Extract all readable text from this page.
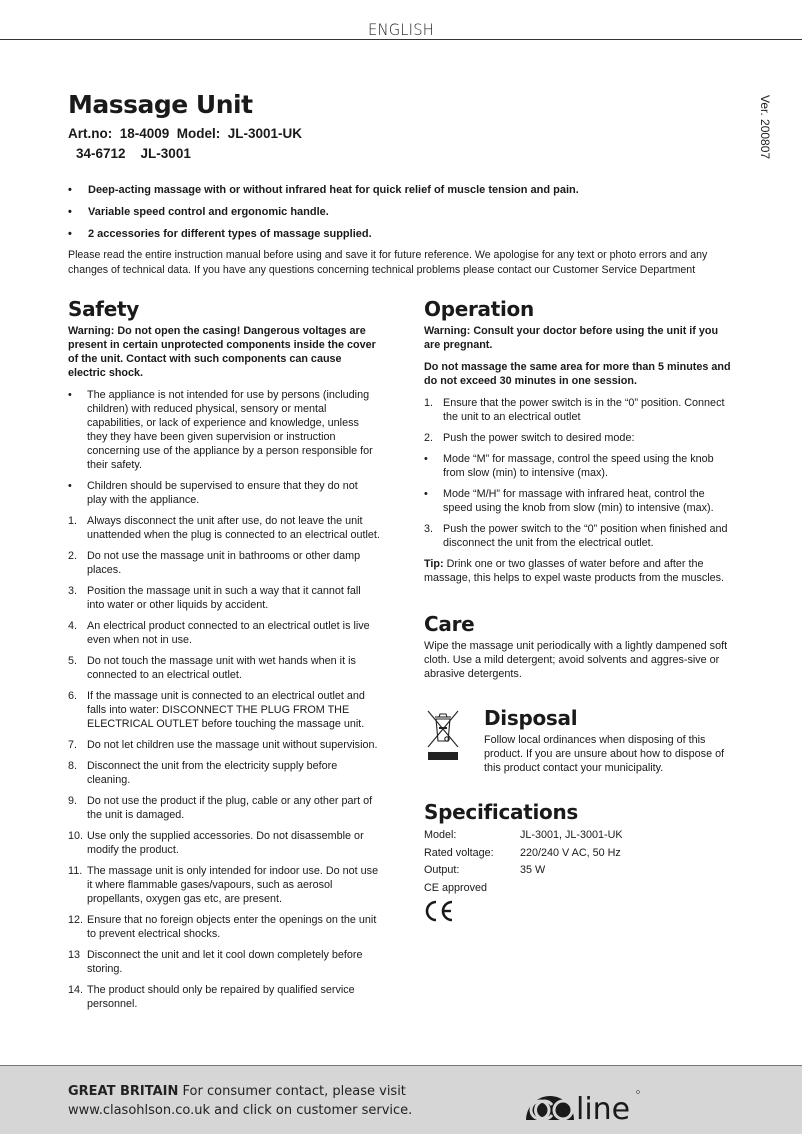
ENGLISH
Ver. 200807
Massage Unit
Art.no:  18-4009  Model:  JL-3001-UK
34-6712    JL-3001
• Deep-acting massage with or without infrared heat for quick relief of muscle tension and pain.
• Variable speed control and ergonomic handle.
• 2 accessories for different types of massage supplied.

Please read the entire instruction manual before using and save it for future reference. We apologise for any text or photo errors and any changes of technical data. If you have any questions concerning technical problems please contact our Customer Service Department

Safety

Warning: Do not open the casing! Dangerous voltages are present in certain unprotected components inside the cover of the unit. Contact with such components can cause electric shock.

• The appliance is not intended for use by persons (including children) with reduced physical, sensory or mental capabilities, or lack of experience and knowledge, unless they they have been given supervision or instruction concerning use of the appliance by a person responsible for their safety.
• Children should be supervised to ensure that they do not play with the appliance.
1. Always disconnect the unit after use, do not leave the unit unattended when the plug is connected to an electrical outlet.
2. Do not use the massage unit in bathrooms or other damp places.
3. Position the massage unit in such a way that it cannot fall into water or other liquids by accident.
4. An electrical product connected to an electrical outlet is live even when not in use.
5. Do not touch the massage unit with wet hands when it is connected to an electrical outlet.
6. If the massage unit is connected to an electrical outlet and falls into water: DISCONNECT THE PLUG FROM THE ELECTRICAL OUTLET before touching the massage unit.
7. Do not let children use the massage unit without supervision.
8. Disconnect the unit from the electricity supply before cleaning.
9. Do not use the product if the plug, cable or any other part of the unit is damaged.
10. Use only the supplied accessories. Do not disassemble or modify the product.
11. The massage unit is only intended for indoor use. Do not use it where flammable gases/vapours, such as aerosol propellants, oxygen gas etc, are present.
12. Ensure that no foreign objects enter the openings on the unit to prevent electrical shocks.
13 Disconnect the unit and let it cool down completely before storing.
14. The product should only be repaired by qualified service personnel.
Operation

Warning: Consult your doctor before using the unit if you are pregnant.

Do not massage the same area for more than 5 minutes and do not exceed 30 minutes in one session.

1. Ensure that the power switch is in the “0” position. Connect the unit to an electrical outlet
2. Push the power switch to desired mode:
• Mode “M” for massage, control the speed using the knob from slow (min) to intensive (max).
• Mode “M/H” for massage with infrared heat, control the speed using the knob from slow (min) to intensive (max).
3. Push the power switch to the “0” position when finished and disconnect the unit from the electrical outlet.

Tip: Drink one or two glasses of water before and after the massage, this helps to expel waste products from the muscles.

Care

Wipe the massage unit periodically with a lightly dampened soft cloth. Use a mild detergent; avoid solvents and aggres-sive or abrasive detergents.

Disposal

Follow local ordinances when disposing of this product. If you are unsure about how to dispose of this product contact your municipality.

Specifications
Model:	JL-3001, JL-3001-UK
Rated voltage:	220/240 V AC, 50 Hz
Output:	35 W
CE approved
GREAT BRITAIN For consumer contact, please visit
www.clasohlson.co.uk and click on customer service.	line
